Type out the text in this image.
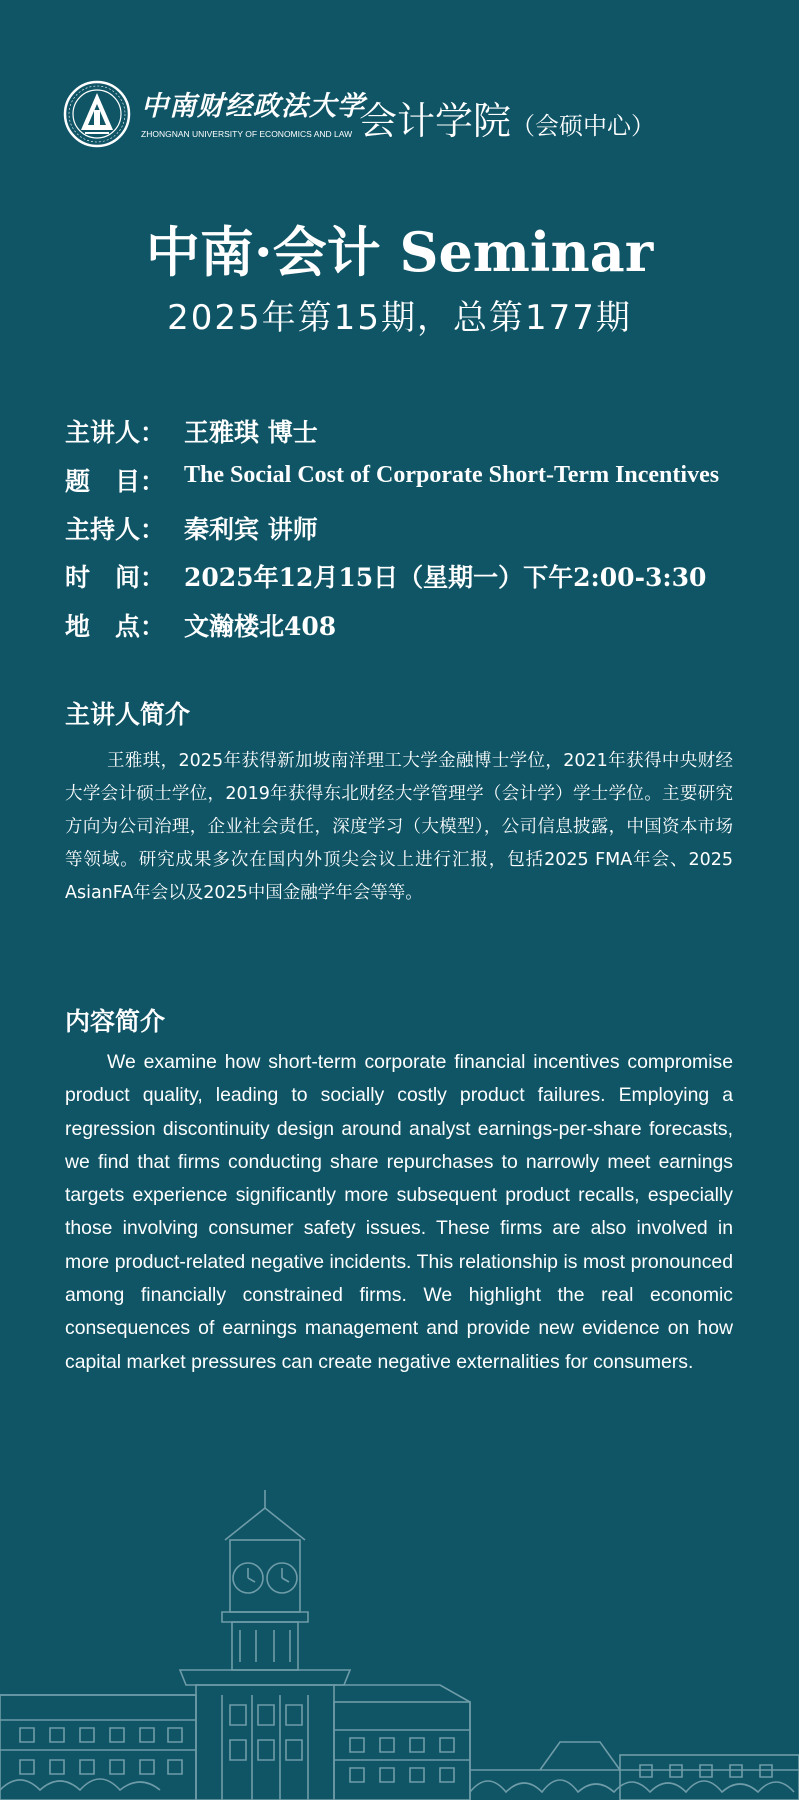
中南财经政法大学
ZHONGNAN UNIVERSITY OF ECONOMICS AND LAW 会计学院（会硕中心）
中南·会计 Seminar
2025年第15期，总第177期
主讲人： 王雅琪 博士
题　目： The Social Cost of Corporate Short-Term Incentives
主持人： 秦利宾 讲师
时　间： 2025年12月15日（星期一）下午2:00-3:30
地　点： 文瀚楼北408
主讲人简介
王雅琪，2025年获得新加坡南洋理工大学金融博士学位，2021年获得中央财经大学会计硕士学位，2019年获得东北财经大学管理学（会计学）学士学位。主要研究方向为公司治理，企业社会责任，深度学习（大模型），公司信息披露，中国资本市场等领域。研究成果多次在国内外顶尖会议上进行汇报，包括2025 FMA年会、2025 AsianFA年会以及2025中国金融学年会等等。
内容简介
We examine how short-term corporate financial incentives compromise product quality, leading to socially costly product failures. Employing a regression discontinuity design around analyst earnings-per-share forecasts, we find that firms conducting share repurchases to narrowly meet earnings targets experience significantly more subsequent product recalls, especially those involving consumer safety issues. These firms are also involved in more product-related negative incidents. This relationship is most pronounced among financially constrained firms. We highlight the real economic consequences of earnings management and provide new evidence on how capital market pressures can create negative externalities for consumers.
